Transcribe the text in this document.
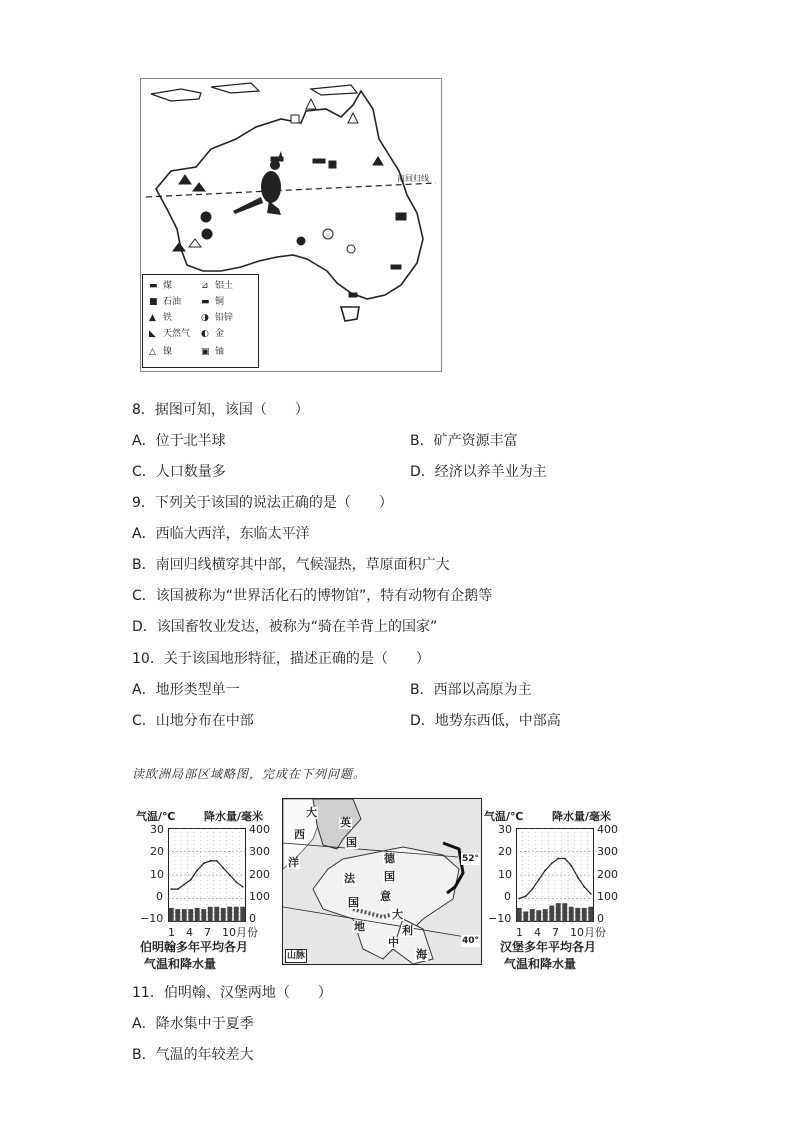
南回归线
▬ 煤
■ 石油
▲ 铁
◣ 天然气
△ 镍
⊿ 铝土
▬ 铜
◑ 铅锌
◐ 金
▣ 铀
8．据图可知，该国（　　）
A．位于北半球	B．矿产资源丰富
C．人口数量多	D．经济以养羊业为主
9．下列关于该国的说法正确的是（　　）
A．西临大西洋，东临太平洋
B．南回归线横穿其中部，气候湿热，草原面积广大
C．该国被称为“世界活化石的博物馆”，特有动物有企鹅等
D．该国畜牧业发达，被称为“骑在羊背上的国家”
10．关于该国地形特征，描述正确的是（　　）
A．地形类型单一	B．西部以高原为主
C．山地分布在中部	D．地势东西低，中部高
读欧洲局部区域略图，完成在下列问题。
气温/℃	降水量/毫米
30
20
10
0
−10
400
300
200
100
0
1　4　7　10月份
伯明翰多年平均各月
气温和降水量
大
西
洋
英
国
德
国
法
国 意
大
利
地
中
海
52°
40°
山脉
气温/℃	降水量/毫米
30
20
10
0
−10
400
300
200
100
0
1　4　7　10月份
汉堡多年平均各月
气温和降水量
11．伯明翰、汉堡两地（　　）
A．降水集中于夏季
B．气温的年较差大
